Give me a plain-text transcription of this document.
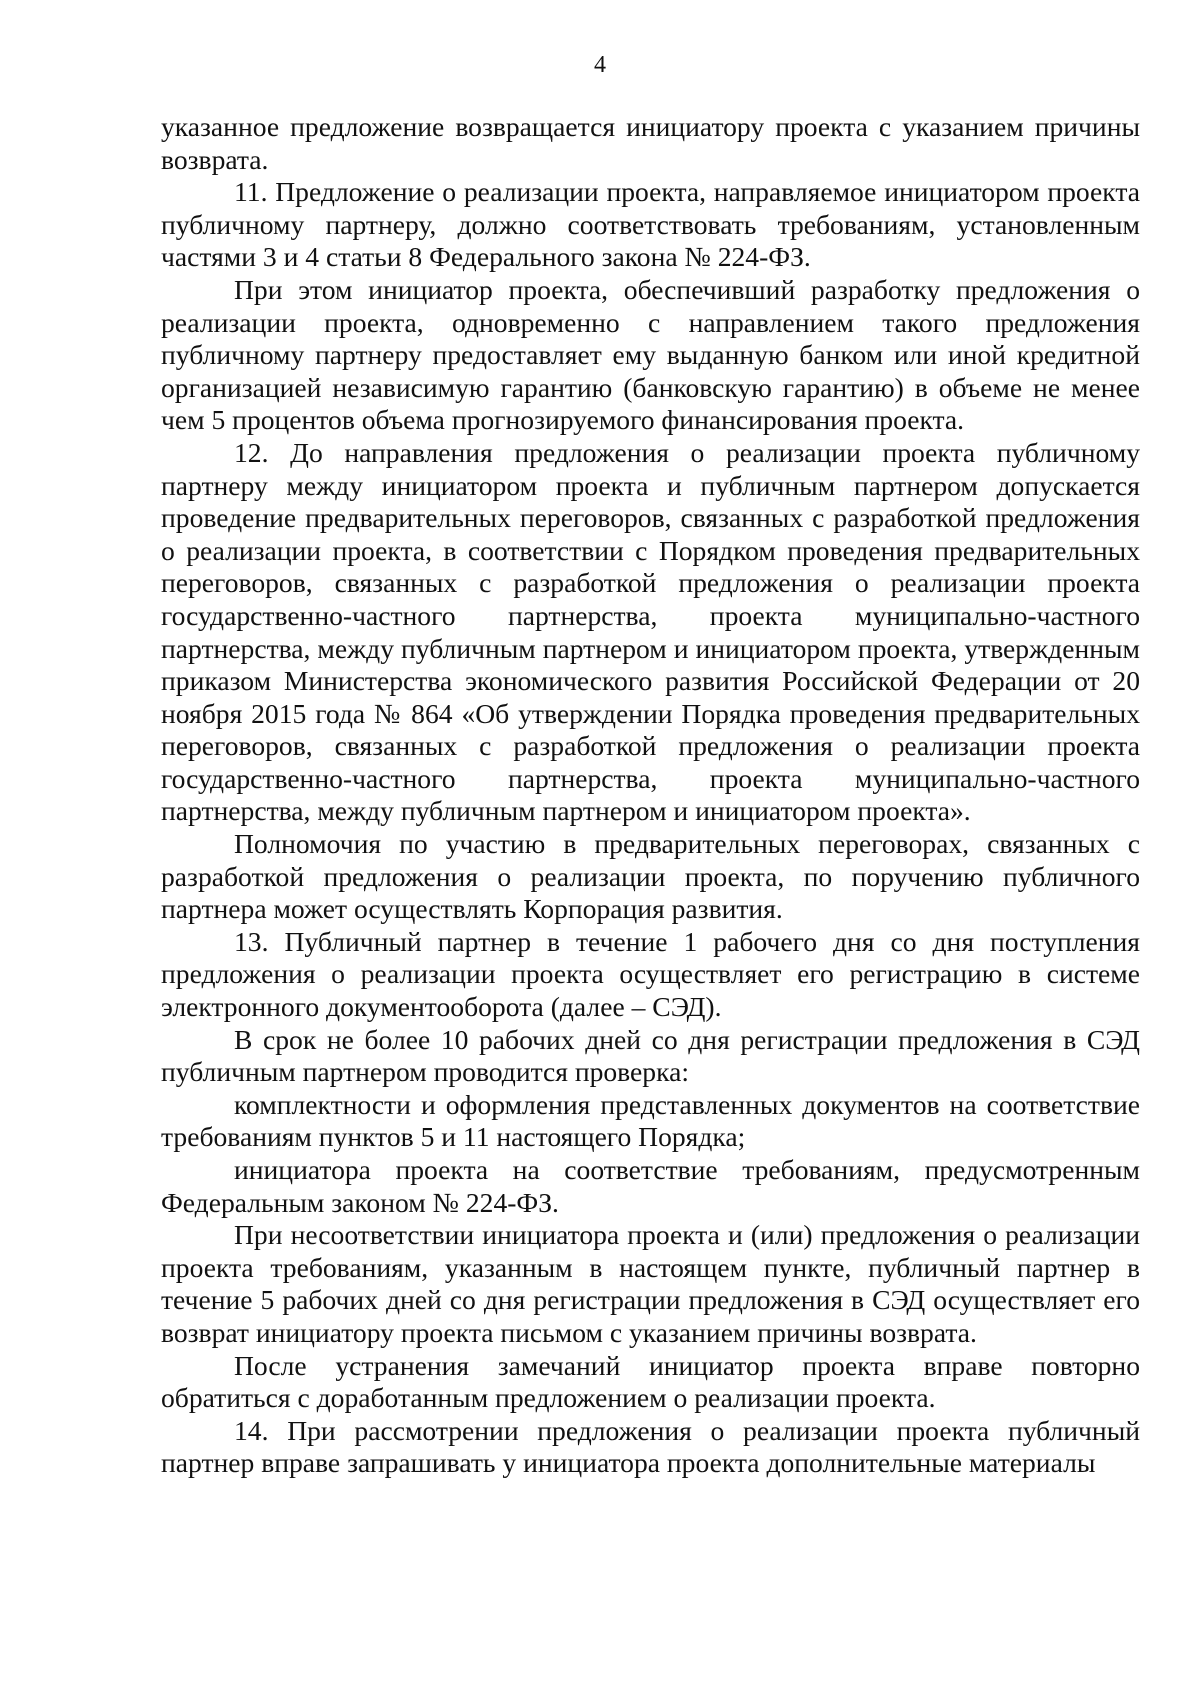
4

указанное предложение возвращается инициатору проекта с указанием причины возврата.

11. Предложение о реализации проекта, направляемое инициатором проекта публичному партнеру, должно соответствовать требованиям, установленным частями 3 и 4 статьи 8 Федерального закона № 224-ФЗ.

При этом инициатор проекта, обеспечивший разработку предложения о реализации проекта, одновременно с направлением такого предложения публичному партнеру предоставляет ему выданную банком или иной кредитной организацией независимую гарантию (банковскую гарантию) в объеме не менее чем 5 процентов объема прогнозируемого финансирования проекта.

12. До направления предложения о реализации проекта публичному партнеру между инициатором проекта и публичным партнером допускается проведение предварительных переговоров, связанных с разработкой предложения о реализации проекта, в соответствии с Порядком проведения предварительных переговоров, связанных с разработкой предложения о реализации проекта государственно-частного партнерства, проекта муниципально-частного партнерства, между публичным партнером и инициатором проекта, утвержденным приказом Министерства экономического развития Российской Федерации от 20 ноября 2015 года № 864 «Об утверждении Порядка проведения предварительных переговоров, связанных с разработкой предложения о реализации проекта государственно-частного партнерства, проекта муниципально-частного партнерства, между публичным партнером и инициатором проекта».

Полномочия по участию в предварительных переговорах, связанных с разработкой предложения о реализации проекта, по поручению публичного партнера может осуществлять Корпорация развития.

13. Публичный партнер в течение 1 рабочего дня со дня поступления предложения о реализации проекта осуществляет его регистрацию в системе электронного документооборота (далее – СЭД).

В срок не более 10 рабочих дней со дня регистрации предложения в СЭД публичным партнером проводится проверка:

комплектности и оформления представленных документов на соответствие требованиям пунктов 5 и 11 настоящего Порядка;

инициатора проекта на соответствие требованиям, предусмотренным Федеральным законом № 224-ФЗ.

При несоответствии инициатора проекта и (или) предложения о реализации проекта требованиям, указанным в настоящем пункте, публичный партнер в течение 5 рабочих дней со дня регистрации предложения в СЭД осуществляет его возврат инициатору проекта письмом с указанием причины возврата.

После устранения замечаний инициатор проекта вправе повторно обратиться с доработанным предложением о реализации проекта.

14. При рассмотрении предложения о реализации проекта публичный партнер вправе запрашивать у инициатора проекта дополнительные материалы
